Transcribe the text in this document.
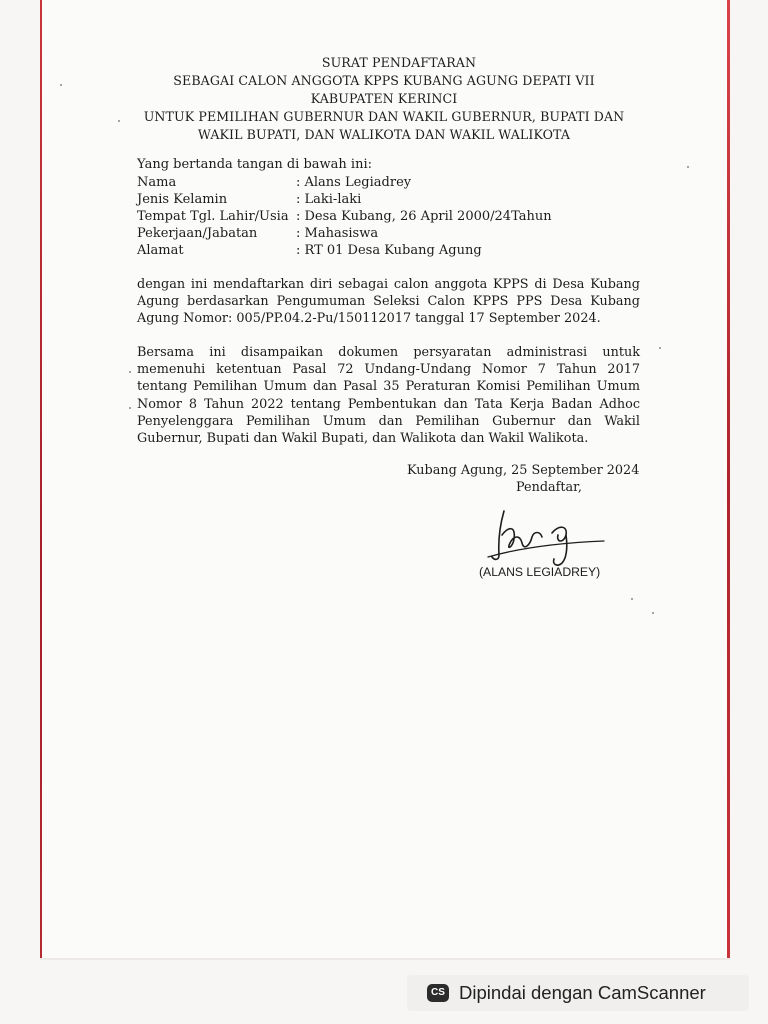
SURAT PENDAFTARAN
SEBAGAI CALON ANGGOTA KPPS KUBANG AGUNG DEPATI VII
KABUPATEN KERINCI
UNTUK PEMILIHAN GUBERNUR DAN WAKIL GUBERNUR, BUPATI DAN
WAKIL BUPATI, DAN WALIKOTA DAN WAKIL WALIKOTA
Yang bertanda tangan di bawah ini:
Nama	: Alans Legiadrey
Jenis Kelamin	: Laki-laki
Tempat Tgl. Lahir/Usia : Desa Kubang, 26 April 2000/24Tahun
Pekerjaan/Jabatan	: Mahasiswa
Alamat	: RT 01 Desa Kubang Agung
dengan ini mendaftarkan diri sebagai calon anggota KPPS di Desa Kubang
Agung berdasarkan Pengumuman Seleksi Calon KPPS PPS Desa Kubang
Agung Nomor: 005/PP.04.2-Pu/150112017 tanggal 17 September 2024.
Bersama ini disampaikan dokumen persyaratan administrasi untuk
memenuhi ketentuan Pasal 72 Undang-Undang Nomor 7 Tahun 2017
tentang Pemilihan Umum dan Pasal 35 Peraturan Komisi Pemilihan Umum
Nomor 8 Tahun 2022 tentang Pembentukan dan Tata Kerja Badan Adhoc
Penyelenggara Pemilihan Umum dan Pemilihan Gubernur dan Wakil
Gubernur, Bupati dan Wakil Bupati, dan Walikota dan Wakil Walikota.
Kubang Agung, 25 September 2024
Pendaftar,
(ALANS LEGIADREY)
CS Dipindai dengan CamScanner
